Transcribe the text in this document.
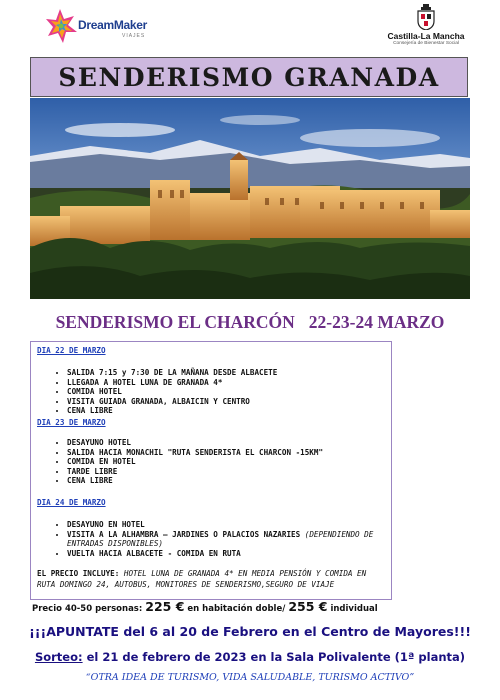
DreamMaker
VIAJES	Castilla-La Mancha
Consejería de Bienestar Social
SENDERISMO GRANADA
SENDERISMO EL CHARCÓN 22-23-24 MARZO
DIA 22 DE MARZO
• SALIDA 7:15 y 7:30 DE LA MAÑANA DESDE ALBACETE
• LLEGADA A HOTEL LUNA DE GRANADA 4*
• COMIDA HOTEL
• VISITA GUIADA GRANADA, ALBAICIN Y CENTRO
• CENA LIBRE
DIA 23 DE MARZO
• DESAYUNO HOTEL
• SALIDA HACIA MONACHIL "RUTA SENDERISTA EL CHARCON -15KM"
• COMIDA EN HOTEL
• TARDE LIBRE
• CENA LIBRE
DIA 24 DE MARZO
• DESAYUNO EN HOTEL
• VISITA A LA ALHAMBRA – JARDINES O PALACIOS NAZARIES (DEPENDIENDO DE ENTRADAS DISPONIBLES)
• VUELTA HACIA ALBACETE - COMIDA EN RUTA
EL PRECIO INCLUYE: HOTEL LUNA DE GRANADA 4* EN MEDIA PENSIÓN Y COMIDA EN RUTA DOMINGO 24, AUTOBUS, MONITORES DE SENDERISMO,SEGURO DE VIAJE
Precio 40-50 personas: 225 € en habitación doble/ 255 € individual
¡¡¡APUNTATE del 6 al 20 de Febrero en el Centro de Mayores!!!
Sorteo: el 21 de febrero de 2023 en la Sala Polivalente (1ª planta)
“OTRA IDEA DE TURISMO, VIDA SALUDABLE, TURISMO ACTIVO”
